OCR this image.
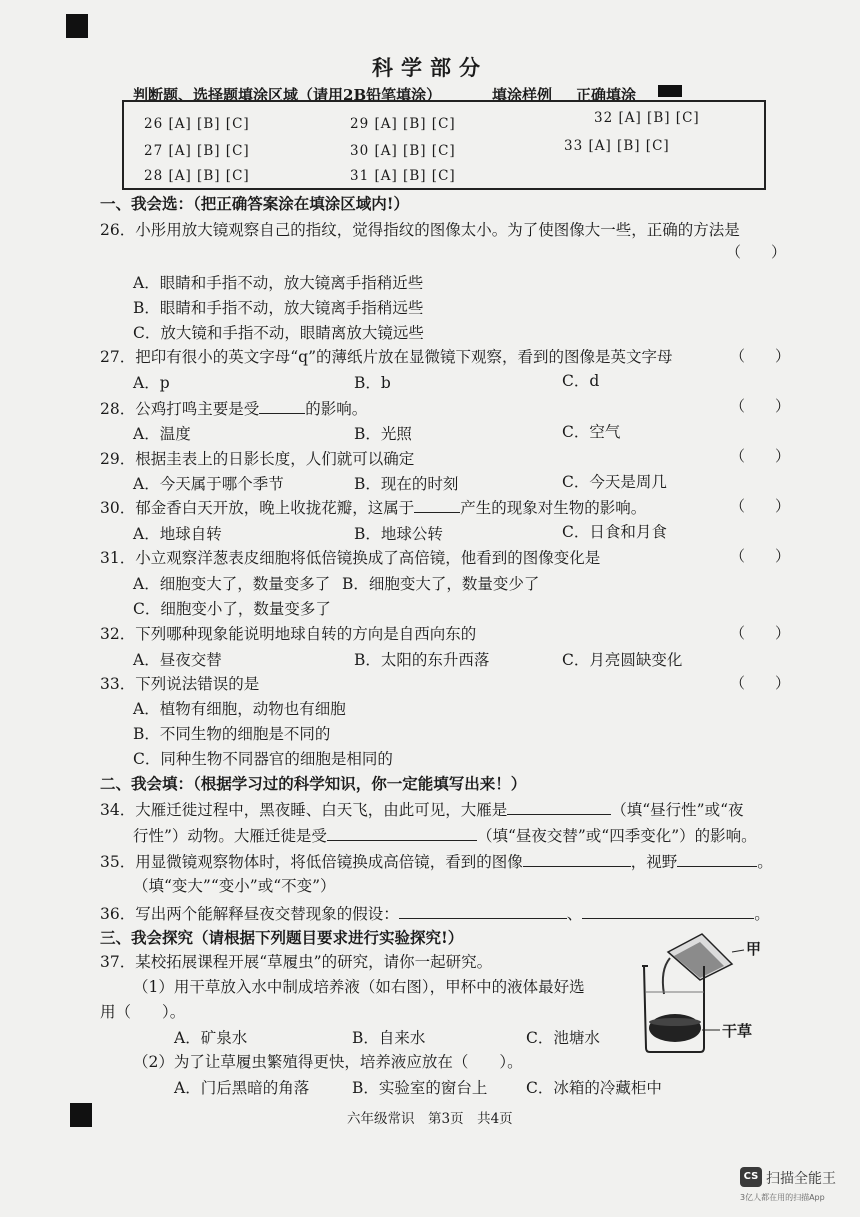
科学部分
判断题、选择题填涂区域（请用2B铅笔填涂）	填涂样例 正确填涂
26 [A] [B] [C]
27 [A] [B] [C]
28 [A] [B] [C]
29 [A] [B] [C]
30 [A] [B] [C]
31 [A] [B] [C]
32 [A] [B] [C]
33 [A] [B] [C]
一、我会选：（把正确答案涂在填涂区域内!）
26．小彤用放大镜观察自己的指纹，觉得指纹的图像太小。为了使图像大一些，正确的方法是
（　　）
A．眼睛和手指不动，放大镜离手指稍近些
B．眼睛和手指不动，放大镜离手指稍远些
C．放大镜和手指不动，眼睛离放大镜远些
27．把印有很小的英文字母“q”的薄纸片放在显微镜下观察，看到的图像是英文字母	（　　）
A．p	B．b	C．d
28．公鸡打鸣主要是受	的影响。	（　　）
A．温度	B．光照	C．空气
29．根据圭表上的日影长度，人们就可以确定	（　　）
A．今天属于哪个季节	B．现在的时刻	C．今天是周几
30．郁金香白天开放，晚上收拢花瓣，这属于	产生的现象对生物的影响。	（　　）
A．地球自转	B．地球公转	C．日食和月食
31．小立观察洋葱表皮细胞将低倍镜换成了高倍镜，他看到的图像变化是	（　　）
A．细胞变大了，数量变多了 B．细胞变大了，数量变少了
C．细胞变小了，数量变多了
32．下列哪种现象能说明地球自转的方向是自西向东的	（　　）
A．昼夜交替	B．太阳的东升西落	C．月亮圆缺变化
33．下列说法错误的是	（　　）
A．植物有细胞，动物也有细胞
B．不同生物的细胞是不同的
C．同种生物不同器官的细胞是相同的
二、我会填：（根据学习过的科学知识，你一定能填写出来！）
34．大雁迁徙过程中，黑夜睡、白天飞，由此可见，大雁是	（填“昼行性”或“夜
行性”）动物。大雁迁徙是受	（填“昼夜交替”或“四季变化”）的影响。
35．用显微镜观察物体时，将低倍镜换成高倍镜，看到的图像	，视野	。
（填“变大”“变小”或“不变”）
36．写出两个能解释昼夜交替现象的假设：	、	。
三、我会探究（请根据下列题目要求进行实验探究!）
37．某校拓展课程开展“草履虫”的研究，请你一起研究。
（1）用干草放入水中制成培养液（如右图），甲杯中的液体最好选
用（　　）。
A．矿泉水	B．自来水	C．池塘水
（2）为了让草履虫繁殖得更快，培养液应放在（　　）。
A．门后黑暗的角落	B．实验室的窗台上 C．冰箱的冷藏柜中
甲
干草
六年级常识　第3页　共4页
CS 扫描全能王
3亿人都在用的扫描App
